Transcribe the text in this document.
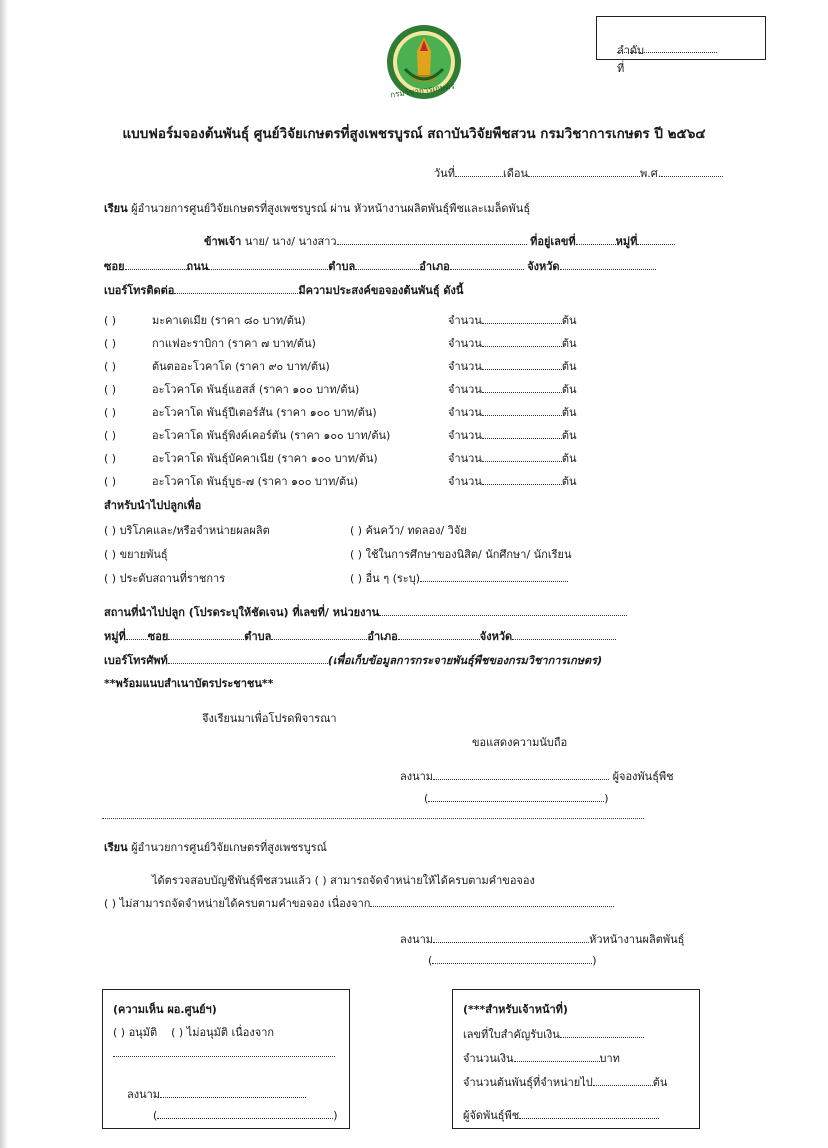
ลำดับที่
กรมวิชาการเกษตร
แบบฟอร์มจองต้นพันธุ์ ศูนย์วิจัยเกษตรที่สูงเพชรบูรณ์ สถาบันวิจัยพืชสวน กรมวิชาการเกษตร ปี ๒๕๖๔
วันที่	เดือน	พ.ศ.
เรียน ผู้อำนวยการศูนย์วิจัยเกษตรที่สูงเพชรบูรณ์ ผ่าน หัวหน้างานผลิตพันธุ์พืชและเมล็ดพันธุ์
ข้าพเจ้า นาย/ นาง/ นางสาว	ที่อยู่เลขที่	หมู่ที่
ซอย	ถนน	ตำบล	อำเภอ	จังหวัด
เบอร์โทรติดต่อ	มีความประสงค์ขอจองต้นพันธุ์ ดังนี้
( )	มะคาเดเมีย (ราคา ๘๐ บาท/ต้น)	จำนวน	ต้น
( )	กาแฟอะราบิกา (ราคา ๗ บาท/ต้น)	จำนวน	ต้น
( )	ต้นตออะโวคาโด (ราคา ๙๐ บาท/ต้น)	จำนวน	ต้น
( )	อะโวคาโด พันธุ์แฮสส์ (ราคา ๑๐๐ บาท/ต้น)	จำนวน	ต้น
( )	อะโวคาโด พันธุ์ปีเตอร์สัน (ราคา ๑๐๐ บาท/ต้น)	จำนวน	ต้น
( )	อะโวคาโด พันธุ์พิงค์เคอร์ตัน (ราคา ๑๐๐ บาท/ต้น)	จำนวน	ต้น
( )	อะโวคาโด พันธุ์บัคคาเนีย (ราคา ๑๐๐ บาท/ต้น)	จำนวน	ต้น
( )	อะโวคาโด พันธุ์บูธ-๗ (ราคา ๑๐๐ บาท/ต้น)	จำนวน	ต้น
สำหรับนำไปปลูกเพื่อ
( ) บริโภคและ/หรือจำหน่ายผลผลิต	( ) ค้นคว้า/ ทดลอง/ วิจัย
( ) ขยายพันธุ์	( ) ใช้ในการศึกษาของนิสิต/ นักศึกษา/ นักเรียน
( ) ประดับสถานที่ราชการ	( ) อื่น ๆ (ระบุ)
สถานที่นำไปปลูก (โปรดระบุให้ชัดเจน) ที่เลขที่/ หน่วยงาน
หมู่ที่ ซอย	ตำบล	อำเภอ	จังหวัด
เบอร์โทรศัพท์	(เพื่อเก็บข้อมูลการกระจายพันธุ์พืชของกรมวิชาการเกษตร)
**พร้อมแนบสำเนาบัตรประชาชน**
จึงเรียนมาเพื่อโปรดพิจารณา
ขอแสดงความนับถือ
ลงนาม	ผู้จองพันธุ์พืช
(	)
เรียน ผู้อำนวยการศูนย์วิจัยเกษตรที่สูงเพชรบูรณ์
ได้ตรวจสอบบัญชีพันธุ์พืชสวนแล้ว ( ) สามารถจัดจำหน่ายให้ได้ครบตามคำขอจอง
( ) ไม่สามารถจัดจำหน่ายได้ครบตามคำขอจอง เนื่องจาก
ลงนาม	หัวหน้างานผลิตพันธุ์
(	)
(ความเห็น ผอ.ศูนย์ฯ)
( ) อนุมัติ ( ) ไม่อนุมัติ เนื่องจาก
ลงนาม
(	)
(***สำหรับเจ้าหน้าที่)
เลขที่ใบสำคัญรับเงิน
จำนวนเงิน	บาท
จำนวนต้นพันธุ์ที่จำหน่ายไป	ต้น
ผู้จัดพันธุ์พืช
